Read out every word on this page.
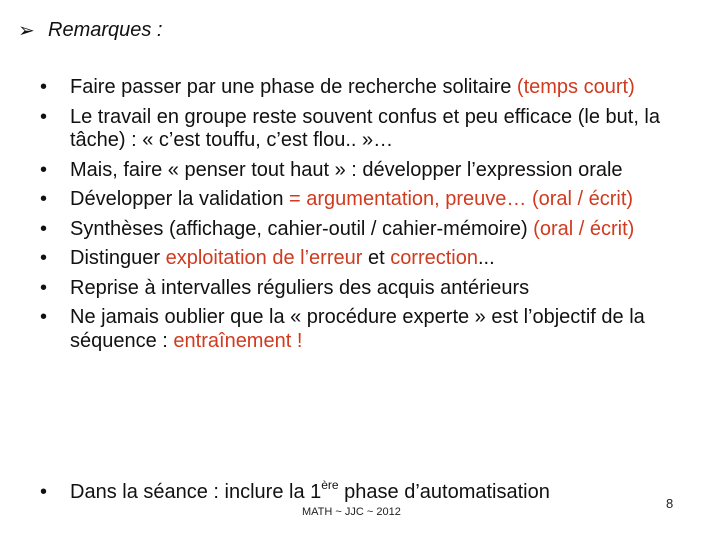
➢ Remarques :
•	Faire passer par une phase de recherche solitaire (temps court)
•	Le travail en groupe reste souvent confus et peu efficace (le but, la tâche) : « c’est touffu, c’est flou.. »…
•	Mais, faire « penser tout haut » : développer l’expression orale
•	Développer la validation = argumentation, preuve… (oral / écrit)
•	Synthèses (affichage, cahier-outil / cahier-mémoire) (oral / écrit)
•	Distinguer exploitation de l’erreur et correction...
•	Reprise à intervalles réguliers des acquis antérieurs
•	Ne jamais oublier que la « procédure experte » est l’objectif de la séquence : entraînement !
• Dans la séance : inclure la 1ère phase d’automatisation
MATH ~ JJC ~ 2012
8
